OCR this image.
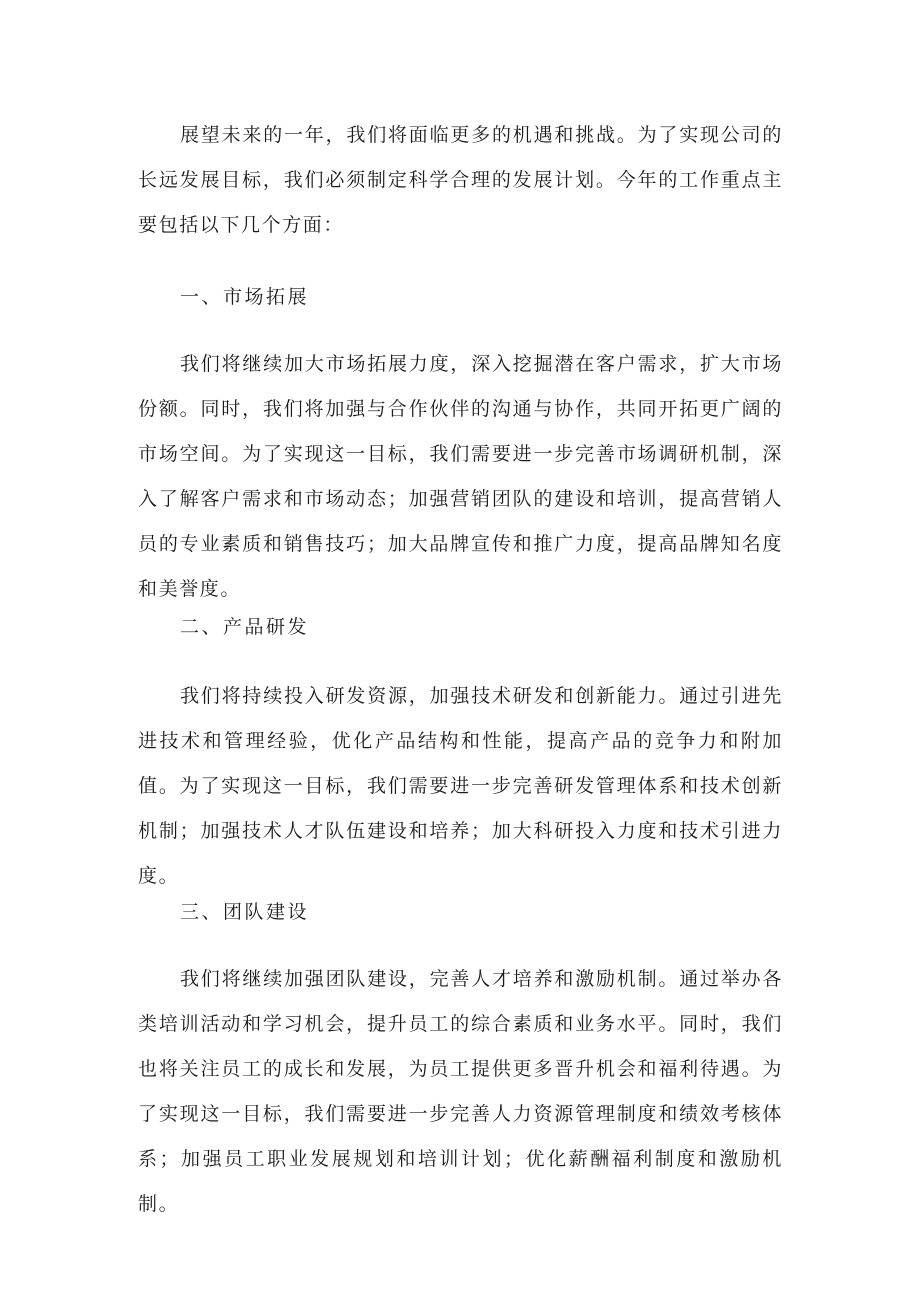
展望未来的一年，我们将面临更多的机遇和挑战。为了实现公司的长远发展目标，我们必须制定科学合理的发展计划。今年的工作重点主要包括以下几个方面：

一、市场拓展

我们将继续加大市场拓展力度，深入挖掘潜在客户需求，扩大市场份额。同时，我们将加强与合作伙伴的沟通与协作，共同开拓更广阔的市场空间。为了实现这一目标，我们需要进一步完善市场调研机制，深入了解客户需求和市场动态；加强营销团队的建设和培训，提高营销人员的专业素质和销售技巧；加大品牌宣传和推广力度，提高品牌知名度和美誉度。

二、产品研发

我们将持续投入研发资源，加强技术研发和创新能力。通过引进先进技术和管理经验，优化产品结构和性能，提高产品的竞争力和附加值。为了实现这一目标，我们需要进一步完善研发管理体系和技术创新机制；加强技术人才队伍建设和培养；加大科研投入力度和技术引进力度。

三、团队建设

我们将继续加强团队建设，完善人才培养和激励机制。通过举办各类培训活动和学习机会，提升员工的综合素质和业务水平。同时，我们也将关注员工的成长和发展，为员工提供更多晋升机会和福利待遇。为了实现这一目标，我们需要进一步完善人力资源管理制度和绩效考核体系；加强员工职业发展规划和培训计划；优化薪酬福利制度和激励机制。
